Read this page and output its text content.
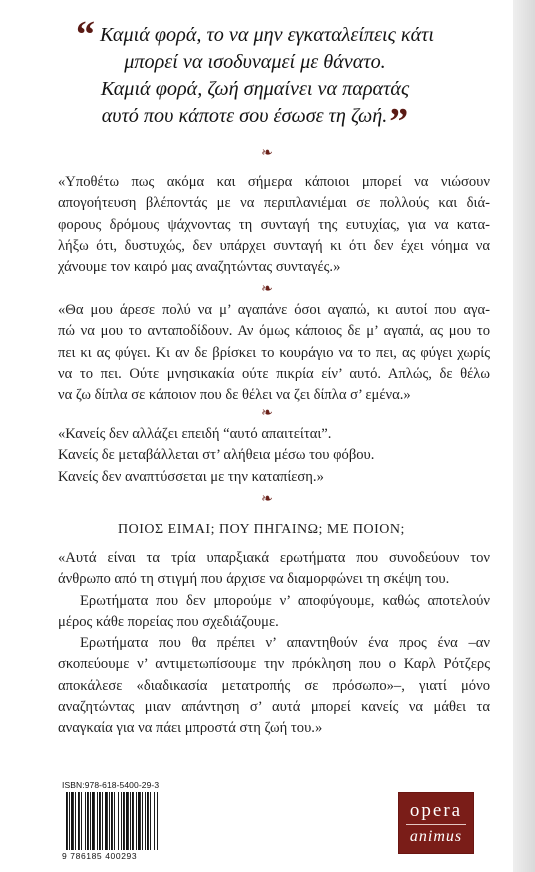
“ Καμιά φορά, το να μην εγκαταλείπεις κάτι
μπορεί να ισοδυναμεί με θάνατο.
Καμιά φορά, ζωή σημαίνει να παρατάς
αυτό που κάποτε σου έσωσε τη ζωή.”
❧
«Υποθέτω πως ακόμα και σήμερα κάποιοι μπορεί να νιώσουν
απογοήτευση βλέποντάς με να περιπλανιέμαι σε πολλούς και διά-
φορους δρόμους ψάχνοντας τη συνταγή της ευτυχίας, για να κατα-
λήξω ότι, δυστυχώς, δεν υπάρχει συνταγή κι ότι δεν έχει νόημα να
χάνουμε τον καιρό μας αναζητώντας συνταγές.»
❧
«Θα μου άρεσε πολύ να μ’ αγαπάνε όσοι αγαπώ, κι αυτοί που αγα-
πώ να μου το ανταποδίδουν. Αν όμως κάποιος δε μ’ αγαπά, ας μου το
πει κι ας φύγει. Κι αν δε βρίσκει το κουράγιο να το πει, ας φύγει χωρίς
να το πει. Ούτε μνησικακία ούτε πικρία είν’ αυτό. Απλώς, δε θέλω
να ζω δίπλα σε κάποιον που δε θέλει να ζει δίπλα σ’ εμένα.»
❧
«Κανείς δεν αλλάζει επειδή “αυτό απαιτείται”.
Κανείς δε μεταβάλλεται στ’ αλήθεια μέσω του φόβου.
Κανείς δεν αναπτύσσεται με την καταπίεση.»
❧
ΠΟΙΟΣ ΕΙΜΑΙ; ΠΟΥ ΠΗΓΑΙΝΩ; ΜΕ ΠΟΙΟΝ;
«Αυτά είναι τα τρία υπαρξιακά ερωτήματα που συνοδεύουν τον
άνθρωπο από τη στιγμή που άρχισε να διαμορφώνει τη σκέψη του.
Ερωτήματα που δεν μπορούμε ν’ αποφύγουμε, καθώς αποτελούν
μέρος κάθε πορείας που σχεδιάζουμε.
Ερωτήματα που θα πρέπει ν’ απαντηθούν ένα προς ένα –αν
σκοπεύουμε ν’ αντιμετωπίσουμε την πρόκληση που ο Καρλ Ρότζερς
αποκάλεσε «διαδικασία μετατροπής σε πρόσωπο»–, γιατί μόνο
αναζητώντας μιαν απάντηση σ’ αυτά μπορεί κανείς να μάθει τα
αναγκαία για να πάει μπροστά στη ζωή του.»
ISBN:978-618-5400-29-3
9 786185 400293
opera
animus
